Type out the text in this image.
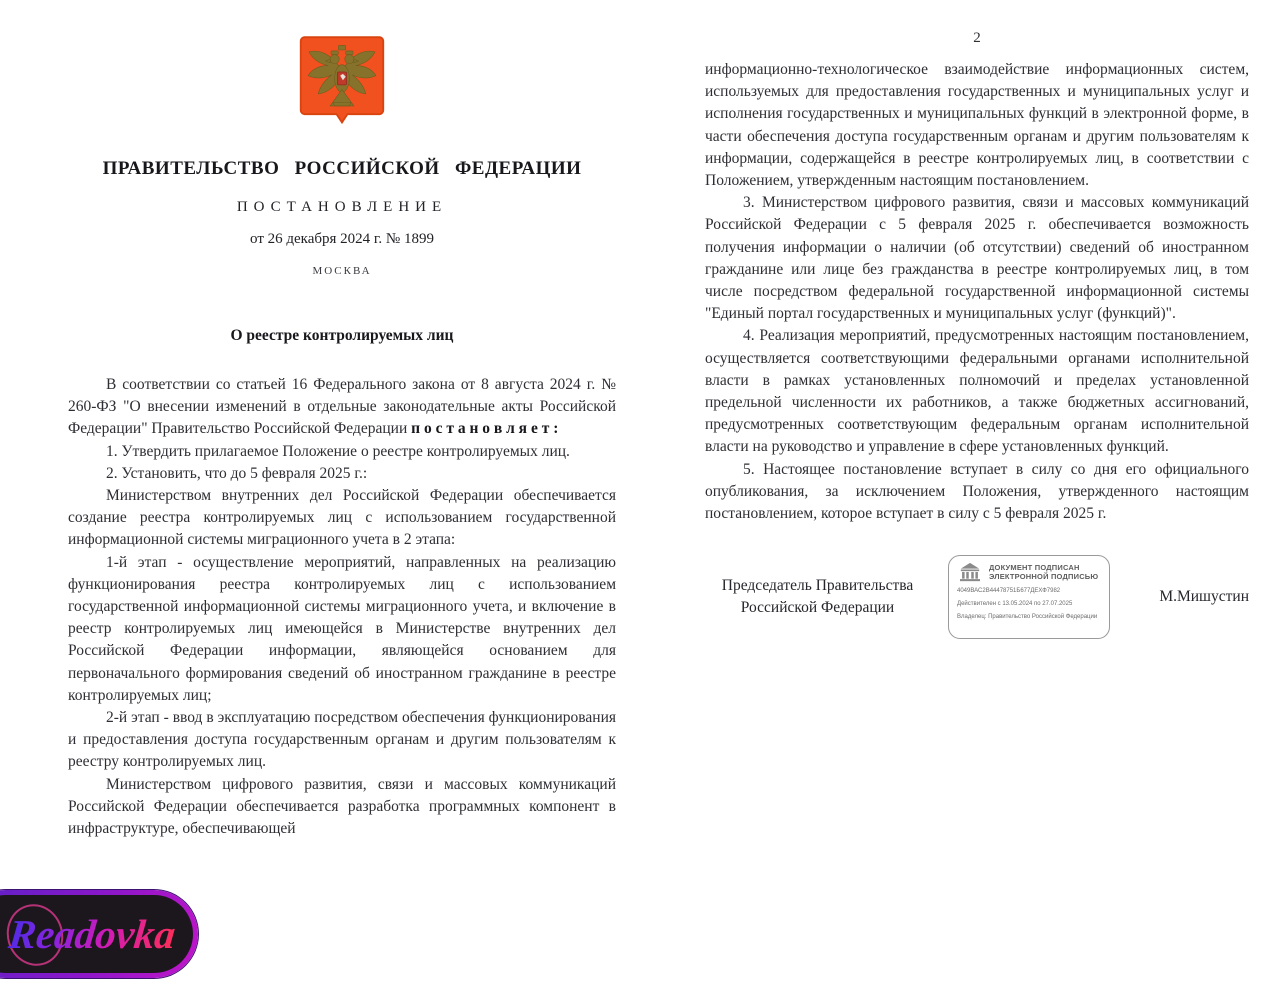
ПРАВИТЕЛЬСТВО РОССИЙСКОЙ ФЕДЕРАЦИИ
ПОСТАНОВЛЕНИЕ
от 26 декабря 2024 г. № 1899
МОСКВА
О реестре контролируемых лиц

В соответствии со статьей 16 Федерального закона от 8 августа 2024 г. № 260-ФЗ "О внесении изменений в отдельные законодательные акты Российской Федерации" Правительство Российской Федерации п о с т а н о в л я е т :

1. Утвердить прилагаемое Положение о реестре контролируемых лиц.

2. Установить, что до 5 февраля 2025 г.:

Министерством внутренних дел Российской Федерации обеспечивается создание реестра контролируемых лиц с использованием государственной информационной системы миграционного учета в 2 этапа:

1-й этап - осуществление мероприятий, направленных на реализацию функционирования реестра контролируемых лиц с использованием государственной информационной системы миграционного учета, и включение в реестр контролируемых лиц имеющейся в Министерстве внутренних дел Российской Федерации информации, являющейся основанием для первоначального формирования сведений об иностранном гражданине в реестре контролируемых лиц;

2-й этап - ввод в эксплуатацию посредством обеспечения функционирования и предоставления доступа государственным органам и другим пользователям к реестру контролируемых лиц.

Министерством цифрового развития, связи и массовых коммуникаций Российской Федерации обеспечивается разработка программных компонент в инфраструктуре, обеспечивающей

2

информационно-технологическое взаимодействие информационных систем, используемых для предоставления государственных и муниципальных услуг и исполнения государственных и муниципальных функций в электронной форме, в части обеспечения доступа государственным органам и другим пользователям к информации, содержащейся в реестре контролируемых лиц, в соответствии с Положением, утвержденным настоящим постановлением.

3. Министерством цифрового развития, связи и массовых коммуникаций Российской Федерации с 5 февраля 2025 г. обеспечивается возможность получения информации о наличии (об отсутствии) сведений об иностранном гражданине или лице без гражданства в реестре контролируемых лиц, в том числе посредством федеральной государственной информационной системы "Единый портал государственных и муниципальных услуг (функций)".

4. Реализация мероприятий, предусмотренных настоящим постановлением, осуществляется соответствующими федеральными органами исполнительной власти в рамках установленных полномочий и пределах установленной предельной численности их работников, а также бюджетных ассигнований, предусмотренных соответствующим федеральным органам исполнительной власти на руководство и управление в сфере установленных функций.

5. Настоящее постановление вступает в силу со дня его официального опубликования, за исключением Положения, утвержденного настоящим постановлением, которое вступает в силу с 5 февраля 2025 г.

Председатель Правительства
Российской Федерации
ДОКУМЕНТ ПОДПИСАН
ЭЛЕКТРОННОЙ ПОДПИСЬЮ
4049ВАС2В44478751Б677ДЕХФ7982
Действителен с 13.05.2024 по 27.07.2025
Владелец: Правительство Российской Федерации
М.Мишустин
Readovka
